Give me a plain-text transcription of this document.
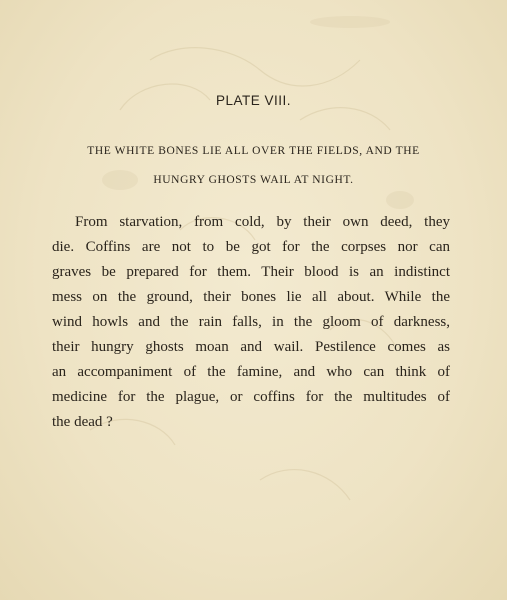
PLATE VIII.
THE WHITE BONES LIE ALL OVER THE FIELDS, AND THE
HUNGRY GHOSTS WAIL AT NIGHT.
From starvation, from cold, by their own deed, they
die. Coffins are not to be got for the corpses nor can
graves be prepared for them. Their blood is an indistinct
mess on the ground, their bones lie all about. While the
wind howls and the rain falls, in the gloom of darkness,
their hungry ghosts moan and wail. Pestilence comes as
an accompaniment of the famine, and who can think of
medicine for the plague, or coffins for the multitudes of
the dead ?
